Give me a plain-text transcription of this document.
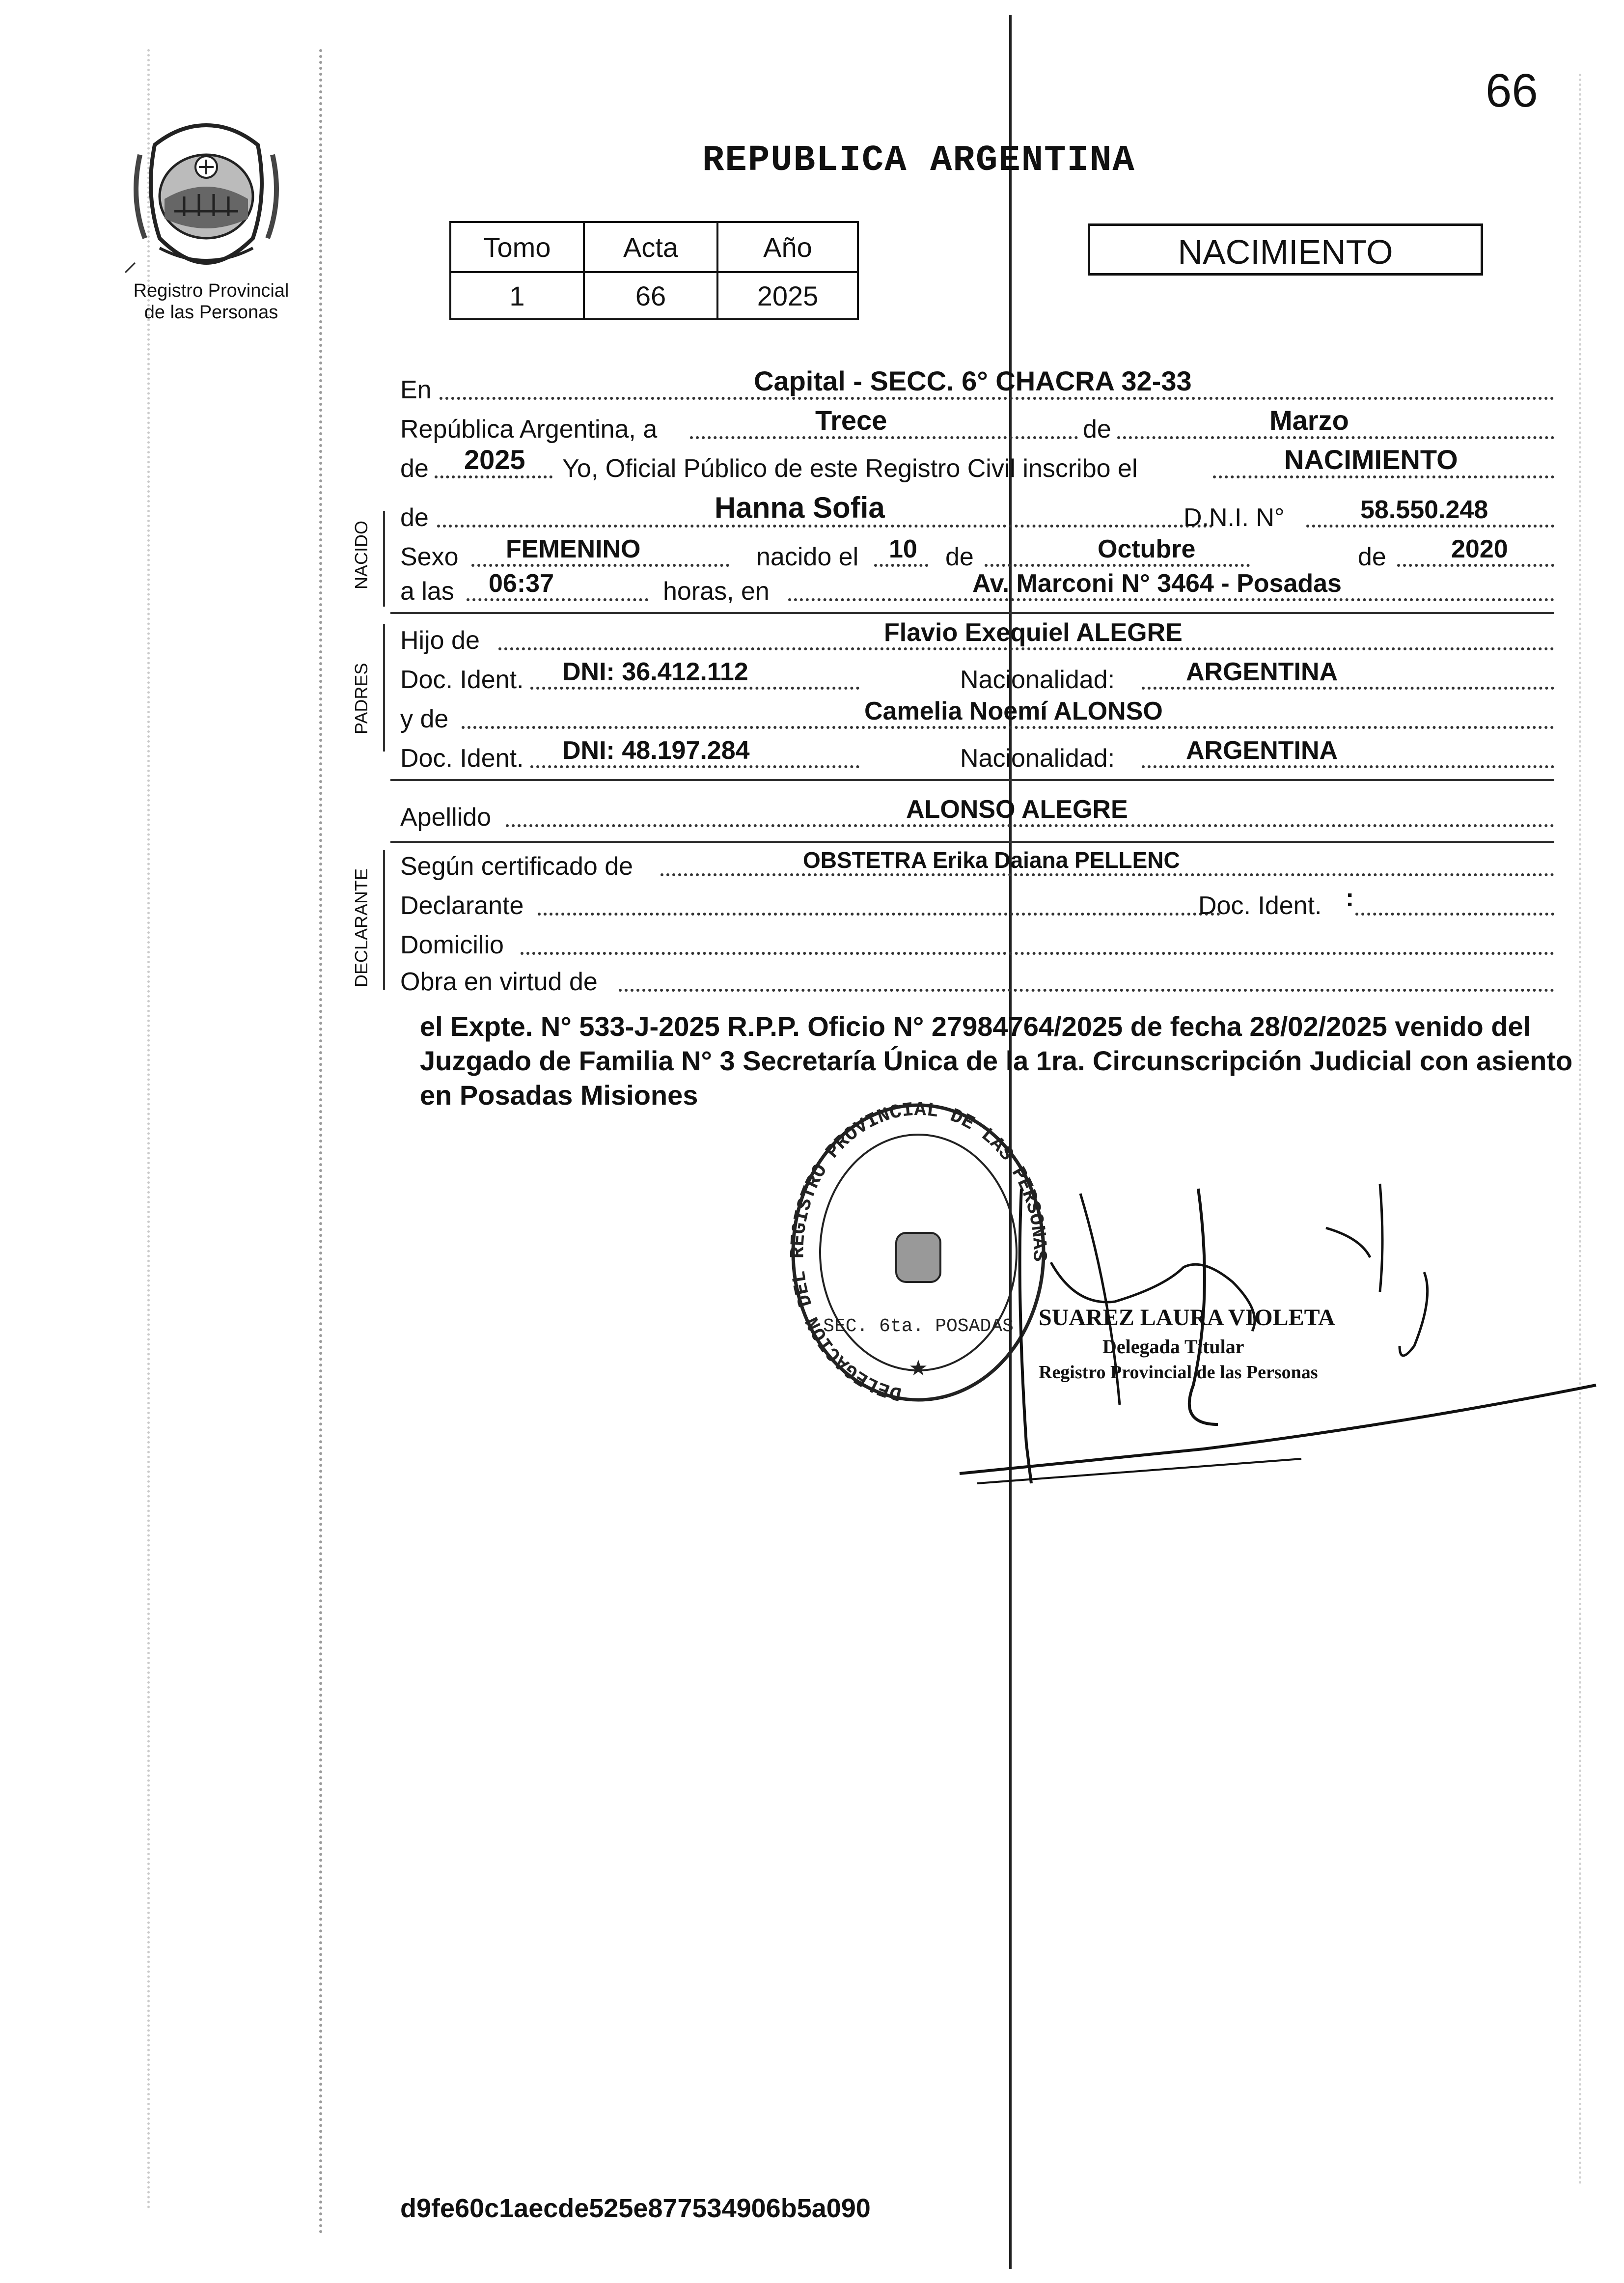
66
Registro Provincial
de las Personas
REPUBLICA ARGENTINA
Tomo	Acta	Año
1	66	2025
NACIMIENTO
NACIDO
PADRES
DECLARANTE
En	Capital - SECC. 6° CHACRA 32-33
República Argentina, a	Trece	de	Marzo
de 2025 Yo, Oficial Público de este Registro Civil inscribo el	NACIMIENTO
de	Hanna Sofia	D.N.I. N°	58.550.248
Sexo FEMENINO	nacido el 10 de	Octubre	de	2020
a las 06:37	horas, en	Av. Marconi N° 3464 - Posadas
Hijo de	Flavio Exequiel ALEGRE
Doc. Ident. DNI: 36.412.112	Nacionalidad:	ARGENTINA
y de	Camelia Noemí ALONSO
Doc. Ident. DNI: 48.197.284	Nacionalidad:	ARGENTINA
Apellido	ALONSO ALEGRE
Según certificado de	OBSTETRA Erika Daiana PELLENC
Declarante	Doc. Ident. :
Domicilio
Obra en virtud de
el Expte. N° 533-J-2025 R.P.P. Oficio N° 27984764/2025 de fecha 28/02/2025 venido del Juzgado de Familia N° 3 Secretaría Única de la 1ra. Circunscripción Judicial con asiento en Posadas Misiones
DELEGACION DEL REGISTRO PROVINCIAL DE LAS PERSONAS
SEC. 6ta. POSADAS
★
SUAREZ LAURA VIOLETA
Delegada Titular
Registro Provincial de las Personas
d9fe60c1aecde525e877534906b5a090
